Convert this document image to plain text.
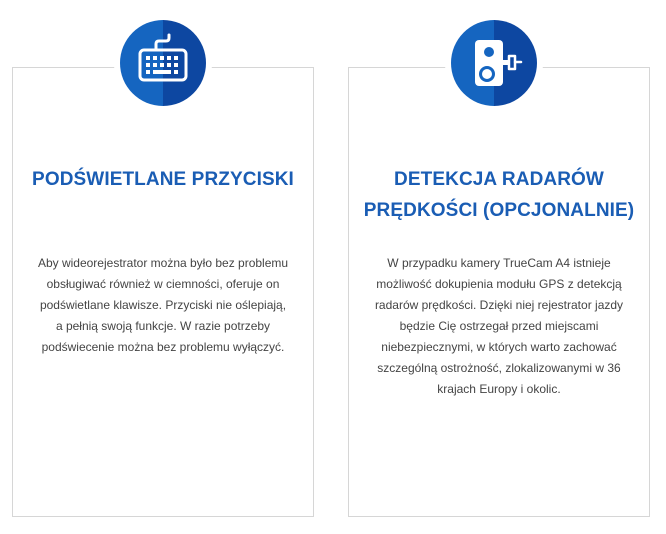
PODŚWIETLANE PRZYCISKI

Aby wideorejestrator można było bez problemu obsługiwać również w ciemności, oferuje on podświetlane klawisze. Przyciski nie oślepiają, a pełnią swoją funkcje. W razie potrzeby podświecenie można bez problemu wyłączyć.

DETEKCJA RADARÓW PRĘDKOŚCI (OPCJONALNIE)

W przypadku kamery TrueCam A4 istnieje możliwość dokupienia modułu GPS z detekcją radarów prędkości. Dzięki niej rejestrator jazdy będzie Cię ostrzegał przed miejscami niebezpiecznymi, w których warto zachować szczególną ostrożność, zlokalizowanymi w 36 krajach Europy i okolic.
